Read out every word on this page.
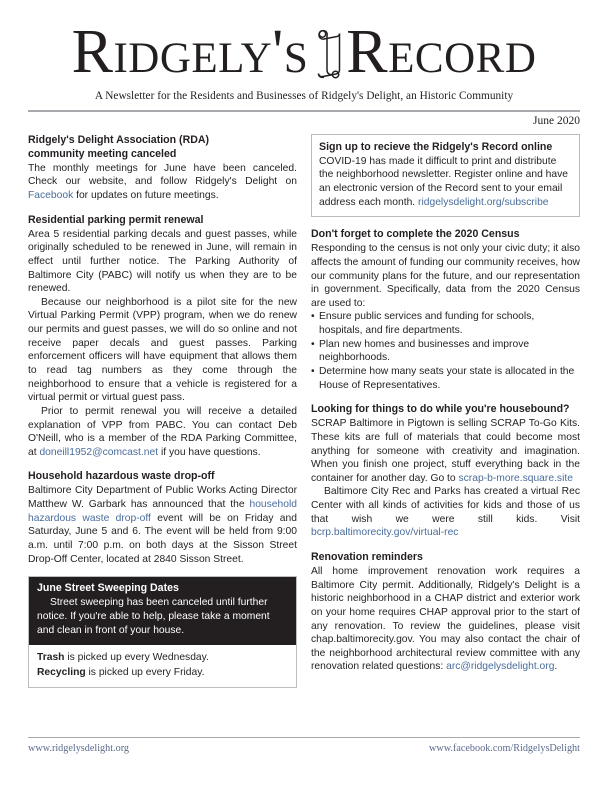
Ridgely's Record
A Newsletter for the Residents and Businesses of Ridgely's Delight, an Historic Community
June 2020
Ridgely's Delight Association (RDA)
community meeting canceled

The monthly meetings for June have been canceled. Check our website, and follow Ridgely's Delight on Facebook for updates on future meetings.

Residential parking permit renewal

Area 5 residential parking decals and guest passes, while originally scheduled to be renewed in June, will remain in effect until further notice. The Parking Authority of Baltimore City (PABC) will notify us when they are to be renewed.

Because our neighborhood is a pilot site for the new Virtual Parking Permit (VPP) program, when we do renew our permits and guest passes, we will do so online and not receive paper decals and guest passes. Parking enforcement officers will have equipment that allows them to read tag numbers as they come through the neighborhood to ensure that a vehicle is registered for a virtual permit or virtual guest pass.

Prior to permit renewal you will receive a detailed explanation of VPP from PABC. You can contact Deb O'Neill, who is a member of the RDA Parking Committee, at doneill1952@comcast.net if you have questions.

Household hazardous waste drop-off

Baltimore City Department of Public Works Acting Director Matthew W. Garbark has announced that the household hazardous waste drop-off event will be on Friday and Saturday, June 5 and 6. The event will be held from 9:00 a.m. until 7:00 p.m. on both days at the Sisson Street Drop-Off Center, located at 2840 Sisson Street.

June Street Sweeping Dates

Street sweeping has been canceled until further notice. If you're able to help, please take a moment and clean in front of your house.

Trash is picked up every Wednesday.

Recycling is picked up every Friday.

Sign up to recieve the Ridgely's Record online

COVID-19 has made it difficult to print and distribute the neighborhood newsletter. Register online and have an electronic version of the Record sent to your email address each month. ridgelysdelight.org/subscribe

Don't forget to complete the 2020 Census

Responding to the census is not only your civic duty; it also affects the amount of funding our community receives, how our community plans for the future, and our representation in government. Specifically, data from the 2020 Census are used to:

• Ensure public services and funding for schools, hospitals, and fire departments.
• Plan new homes and businesses and improve neighborhoods.
• Determine how many seats your state is allocated in the House of Representatives.
Looking for things to do while you're housebound?

SCRAP Baltimore in Pigtown is selling SCRAP To-Go Kits. These kits are full of materials that could become most anything for someone with creativity and imagination. When you finish one project, stuff everything back in the container for another day. Go to scrap-b-more.square.site

Baltimore City Rec and Parks has created a virtual Rec Center with all kinds of activities for kids and those of us that wish we were still kids. Visit bcrp.baltimorecity.gov/virtual-rec

Renovation reminders

All home improvement renovation work requires a Baltimore City permit. Additionally, Ridgely's Delight is a historic neighborhood in a CHAP district and exterior work on your home requires CHAP approval prior to the start of any renovation. To review the guidelines, please visit chap.baltimorecity.gov. You may also contact the chair of the neighborhood architectural review committee with any renovation related questions: arc@ridgelysdelight.org.

www.ridgelysdelight.org	www.facebook.com/RidgelysDelight
